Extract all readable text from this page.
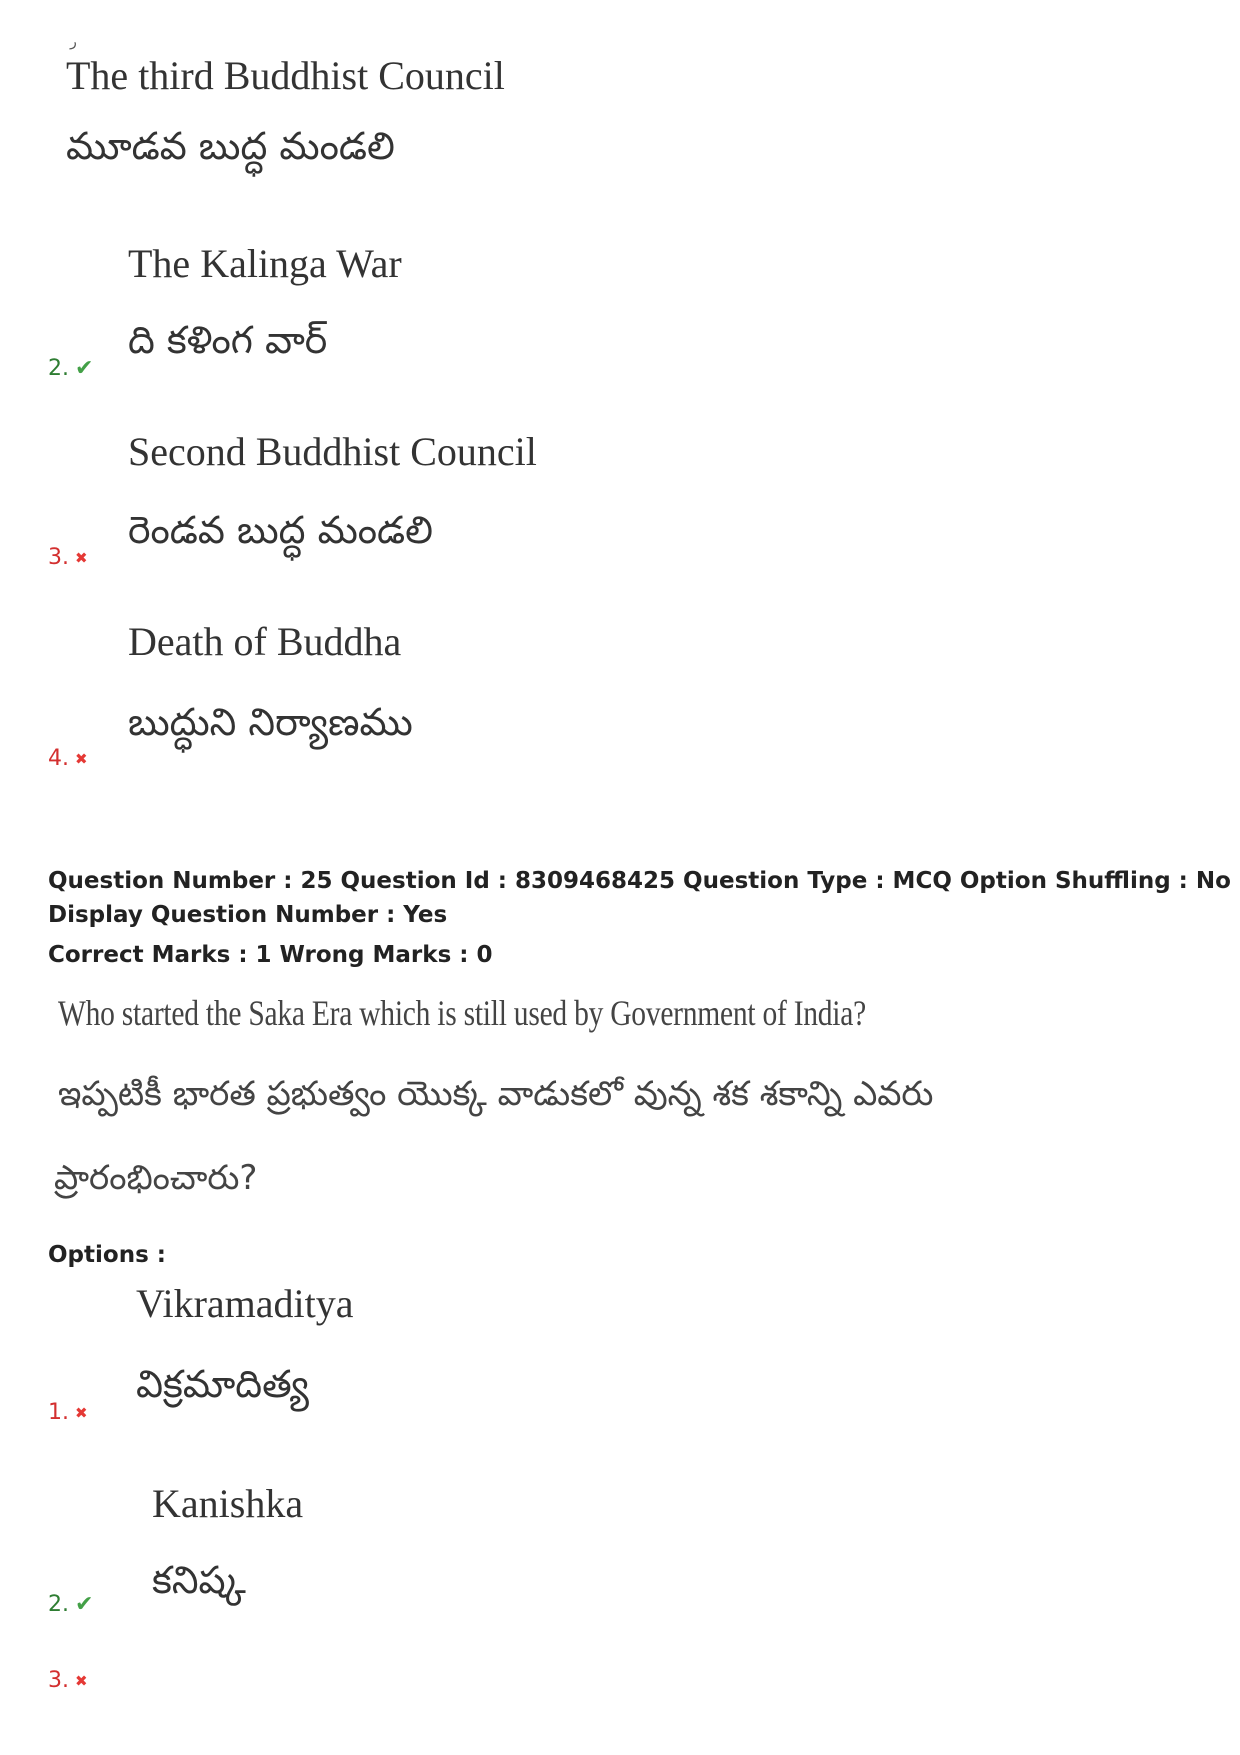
ر
The third Buddhist Council
మూడవ బుద్ధ మండలి
The Kalinga War
ది కళింగ వార్
2. ✔
Second Buddhist Council
రెండవ బుద్ధ మండలి
3. ✖
Death of Buddha
బుద్ధుని నిర్యాణము
4. ✖
Question Number : 25 Question Id : 8309468425 Question Type : MCQ Option Shuffling : No
Display Question Number : Yes
Correct Marks : 1 Wrong Marks : 0
Who started the Saka Era which is still used by Government of India?
ఇప్పటికీ భారత ప్రభుత్వం యొక్క వాడుకలో వున్న శక శకాన్ని ఎవరు
ప్రారంభించారు?
Options :
Vikramaditya
విక్రమాదిత్య
1. ✖
Kanishka
కనిష్క
2. ✔
3. ✖
